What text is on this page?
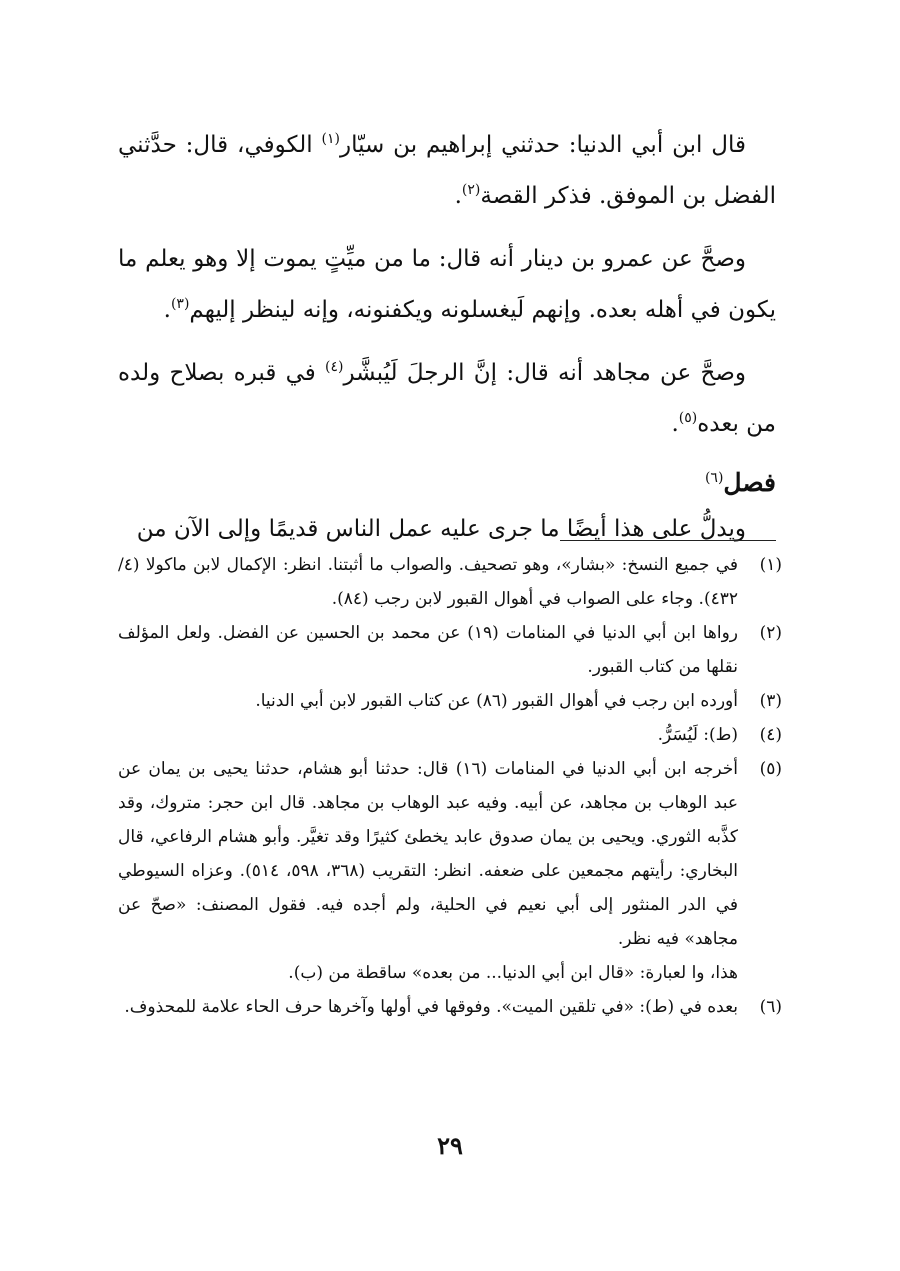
قال ابن أبي الدنيا: حدثني إبراهيم بن سيّار$^{(١)}$ الكوفي، قال: حدَّثني الفضل بن الموفق. فذكر القصة$^{(٢)}$.

وصحَّ عن عمرو بن دينار أنه قال: ما من ميِّتٍ يموت إلا وهو يعلم ما يكون في أهله بعده. وإنهم لَيغسلونه ويكفنونه، وإنه لينظر إليهم$^{(٣)}$.

وصحَّ عن مجاهد أنه قال: إنَّ الرجلَ لَيُبشَّر$^{(٤)}$ في قبره بصلاح ولده من بعده$^{(٥)}$.

فصل$^{(٦)}$

ويدلُّ على هذا أيضًا ما جرى عليه عمل الناس قديمًا وإلى الآن من

(١)
في جميع النسخ: «بشار»، وهو تصحيف. والصواب ما أثبتنا. انظر: الإكمال لابن ماكولا (٤/ ٤٣٢). وجاء على الصواب في أهوال القبور لابن رجب (٨٤).
(٢)
رواها ابن أبي الدنيا في المنامات (١٩) عن محمد بن الحسين عن الفضل. ولعل المؤلف نقلها من كتاب القبور.
(٣)
أورده ابن رجب في أهوال القبور (٨٦) عن كتاب القبور لابن أبي الدنيا.
(٤)
(ط): لَيُسَرُّ.
(٥)
أخرجه ابن أبي الدنيا في المنامات (١٦) قال: حدثنا أبو هشام، حدثنا يحيى بن يمان عن عبد الوهاب بن مجاهد، عن أبيه. وفيه عبد الوهاب بن مجاهد. قال ابن حجر: متروك، وقد كذَّبه الثوري. ويحيى بن يمان صدوق عابد يخطئ كثيرًا وقد تغيَّر. وأبو هشام الرفاعي، قال البخاري: رأيتهم مجمعين على ضعفه. انظر: التقريب (٣٦٨، ٥٩٨، ٥١٤). وعزاه السيوطي في الدر المنثور إلى أبي نعيم في الحلية، ولم أجده فيه. فقول المصنف: «صحّ عن مجاهد» فيه نظر.
هذا، وا لعبارة: «قال ابن أبي الدنيا... من بعده» ساقطة من (ب).
(٦)
بعده في (ط): «في تلقين الميت». وفوقها في أولها وآخرها حرف الحاء علامة للمحذوف.
٢٩
